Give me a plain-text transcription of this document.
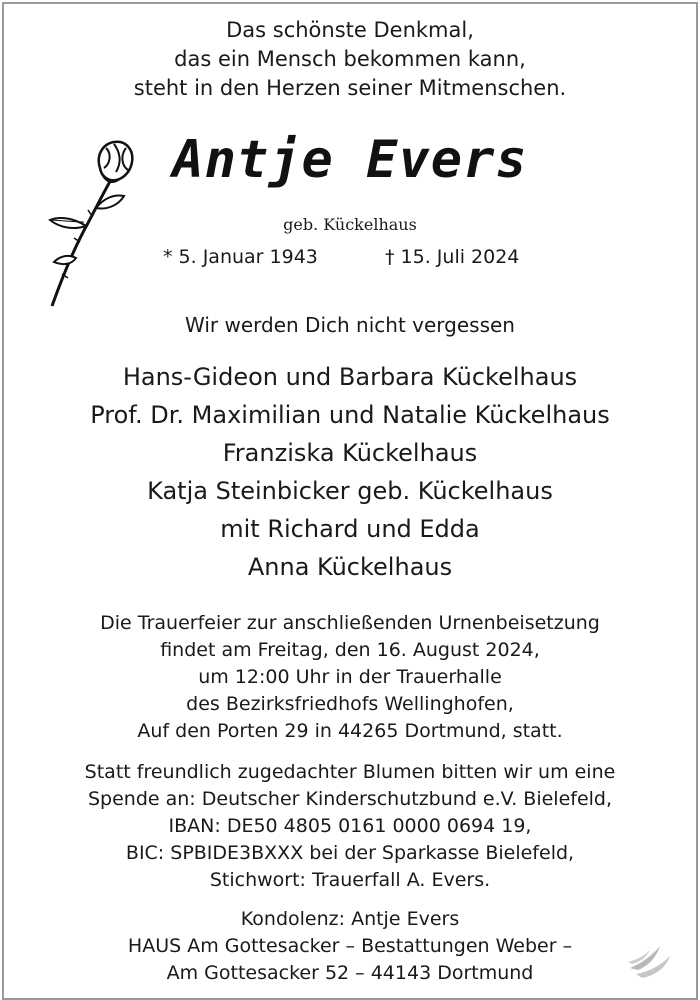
Das schönste Denkmal,
das ein Mensch bekommen kann,
steht in den Herzen seiner Mitmenschen.
Antje Evers
geb. Kückelhaus
* 5. Januar 1943	† 15. Juli 2024
Wir werden Dich nicht vergessen
Hans-Gideon und Barbara Kückelhaus
Prof. Dr. Maximilian und Natalie Kückelhaus
Franziska Kückelhaus
Katja Steinbicker geb. Kückelhaus
mit Richard und Edda
Anna Kückelhaus
Die Trauerfeier zur anschließenden Urnenbeisetzung
findet am Freitag, den 16. August 2024,
um 12:00 Uhr in der Trauerhalle
des Bezirksfriedhofs Wellinghofen,
Auf den Porten 29 in 44265 Dortmund, statt.
Statt freundlich zugedachter Blumen bitten wir um eine
Spende an: Deutscher Kinderschutzbund e.V. Bielefeld,
IBAN: DE50 4805 0161 0000 0694 19,
BIC: SPBIDE3BXXX bei der Sparkasse Bielefeld,
Stichwort: Trauerfall A. Evers.
Kondolenz: Antje Evers
HAUS Am Gottesacker – Bestattungen Weber –
Am Gottesacker 52 – 44143 Dortmund
